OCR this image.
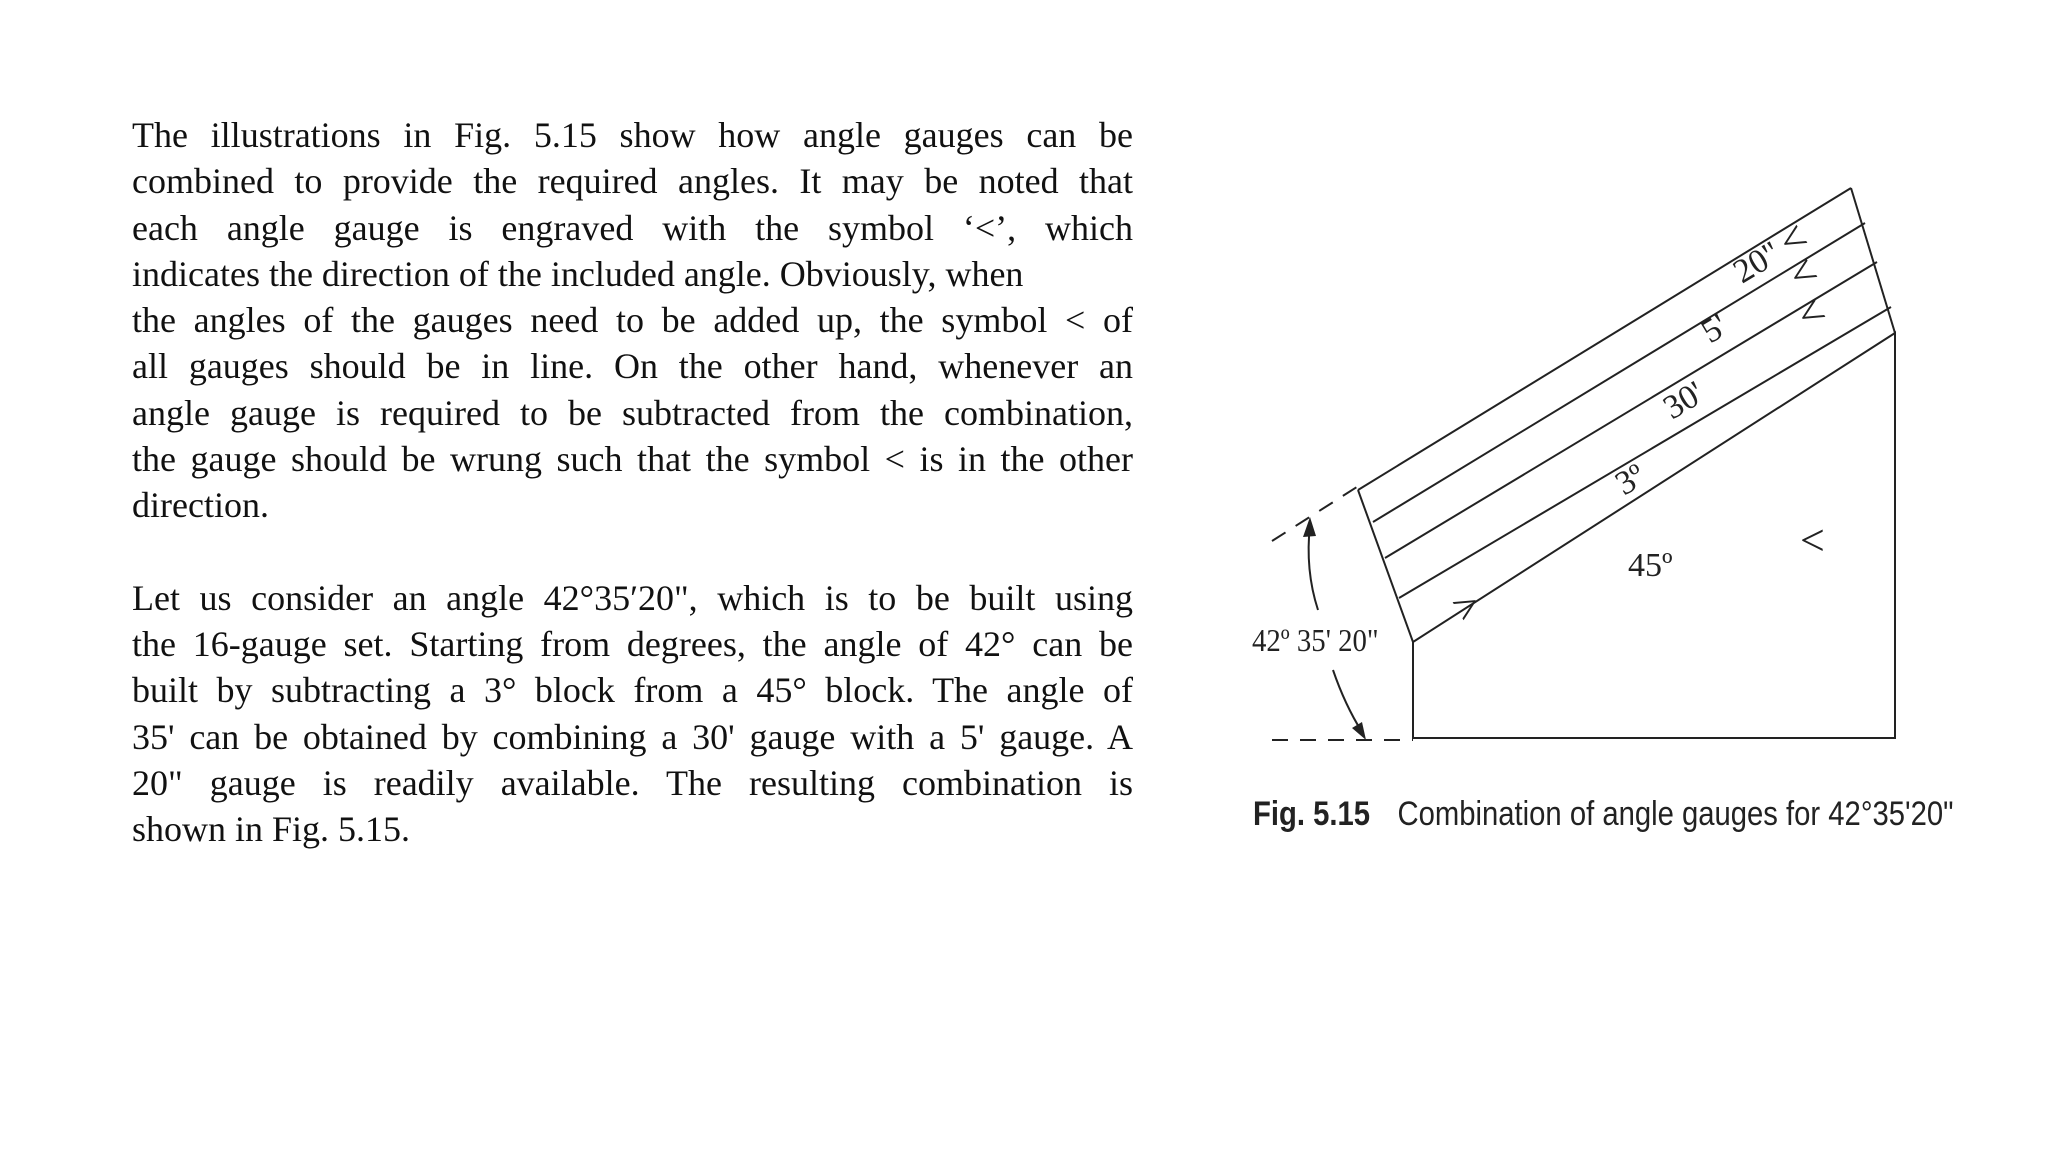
The illustrations in Fig. 5.15 show how angle gauges can be
combined to provide the required angles. It may be noted that
each angle gauge is engraved with the symbol ‘<’, which
indicates the direction of the included angle. Obviously, when
the angles of the gauges need to be added up, the symbol < of
all gauges should be in line. On the other hand, whenever an
angle gauge is required to be subtracted from the combination,
the gauge should be wrung such that the symbol < is in the other
direction.
Let us consider an angle 42°35′20", which is to be built using
the 16-gauge set. Starting from degrees, the angle of 42° can be
built by subtracting a 3° block from a 45° block. The angle of
35' can be obtained by combining a 30' gauge with a 5' gauge. A
20" gauge is readily available. The resulting combination is
shown in Fig. 5.15.
20"
5'
30'
3º
45º
42º 35' 20"
<
<
<
<
<
Fig. 5.15 Combination of angle gauges for 42°35'20"
